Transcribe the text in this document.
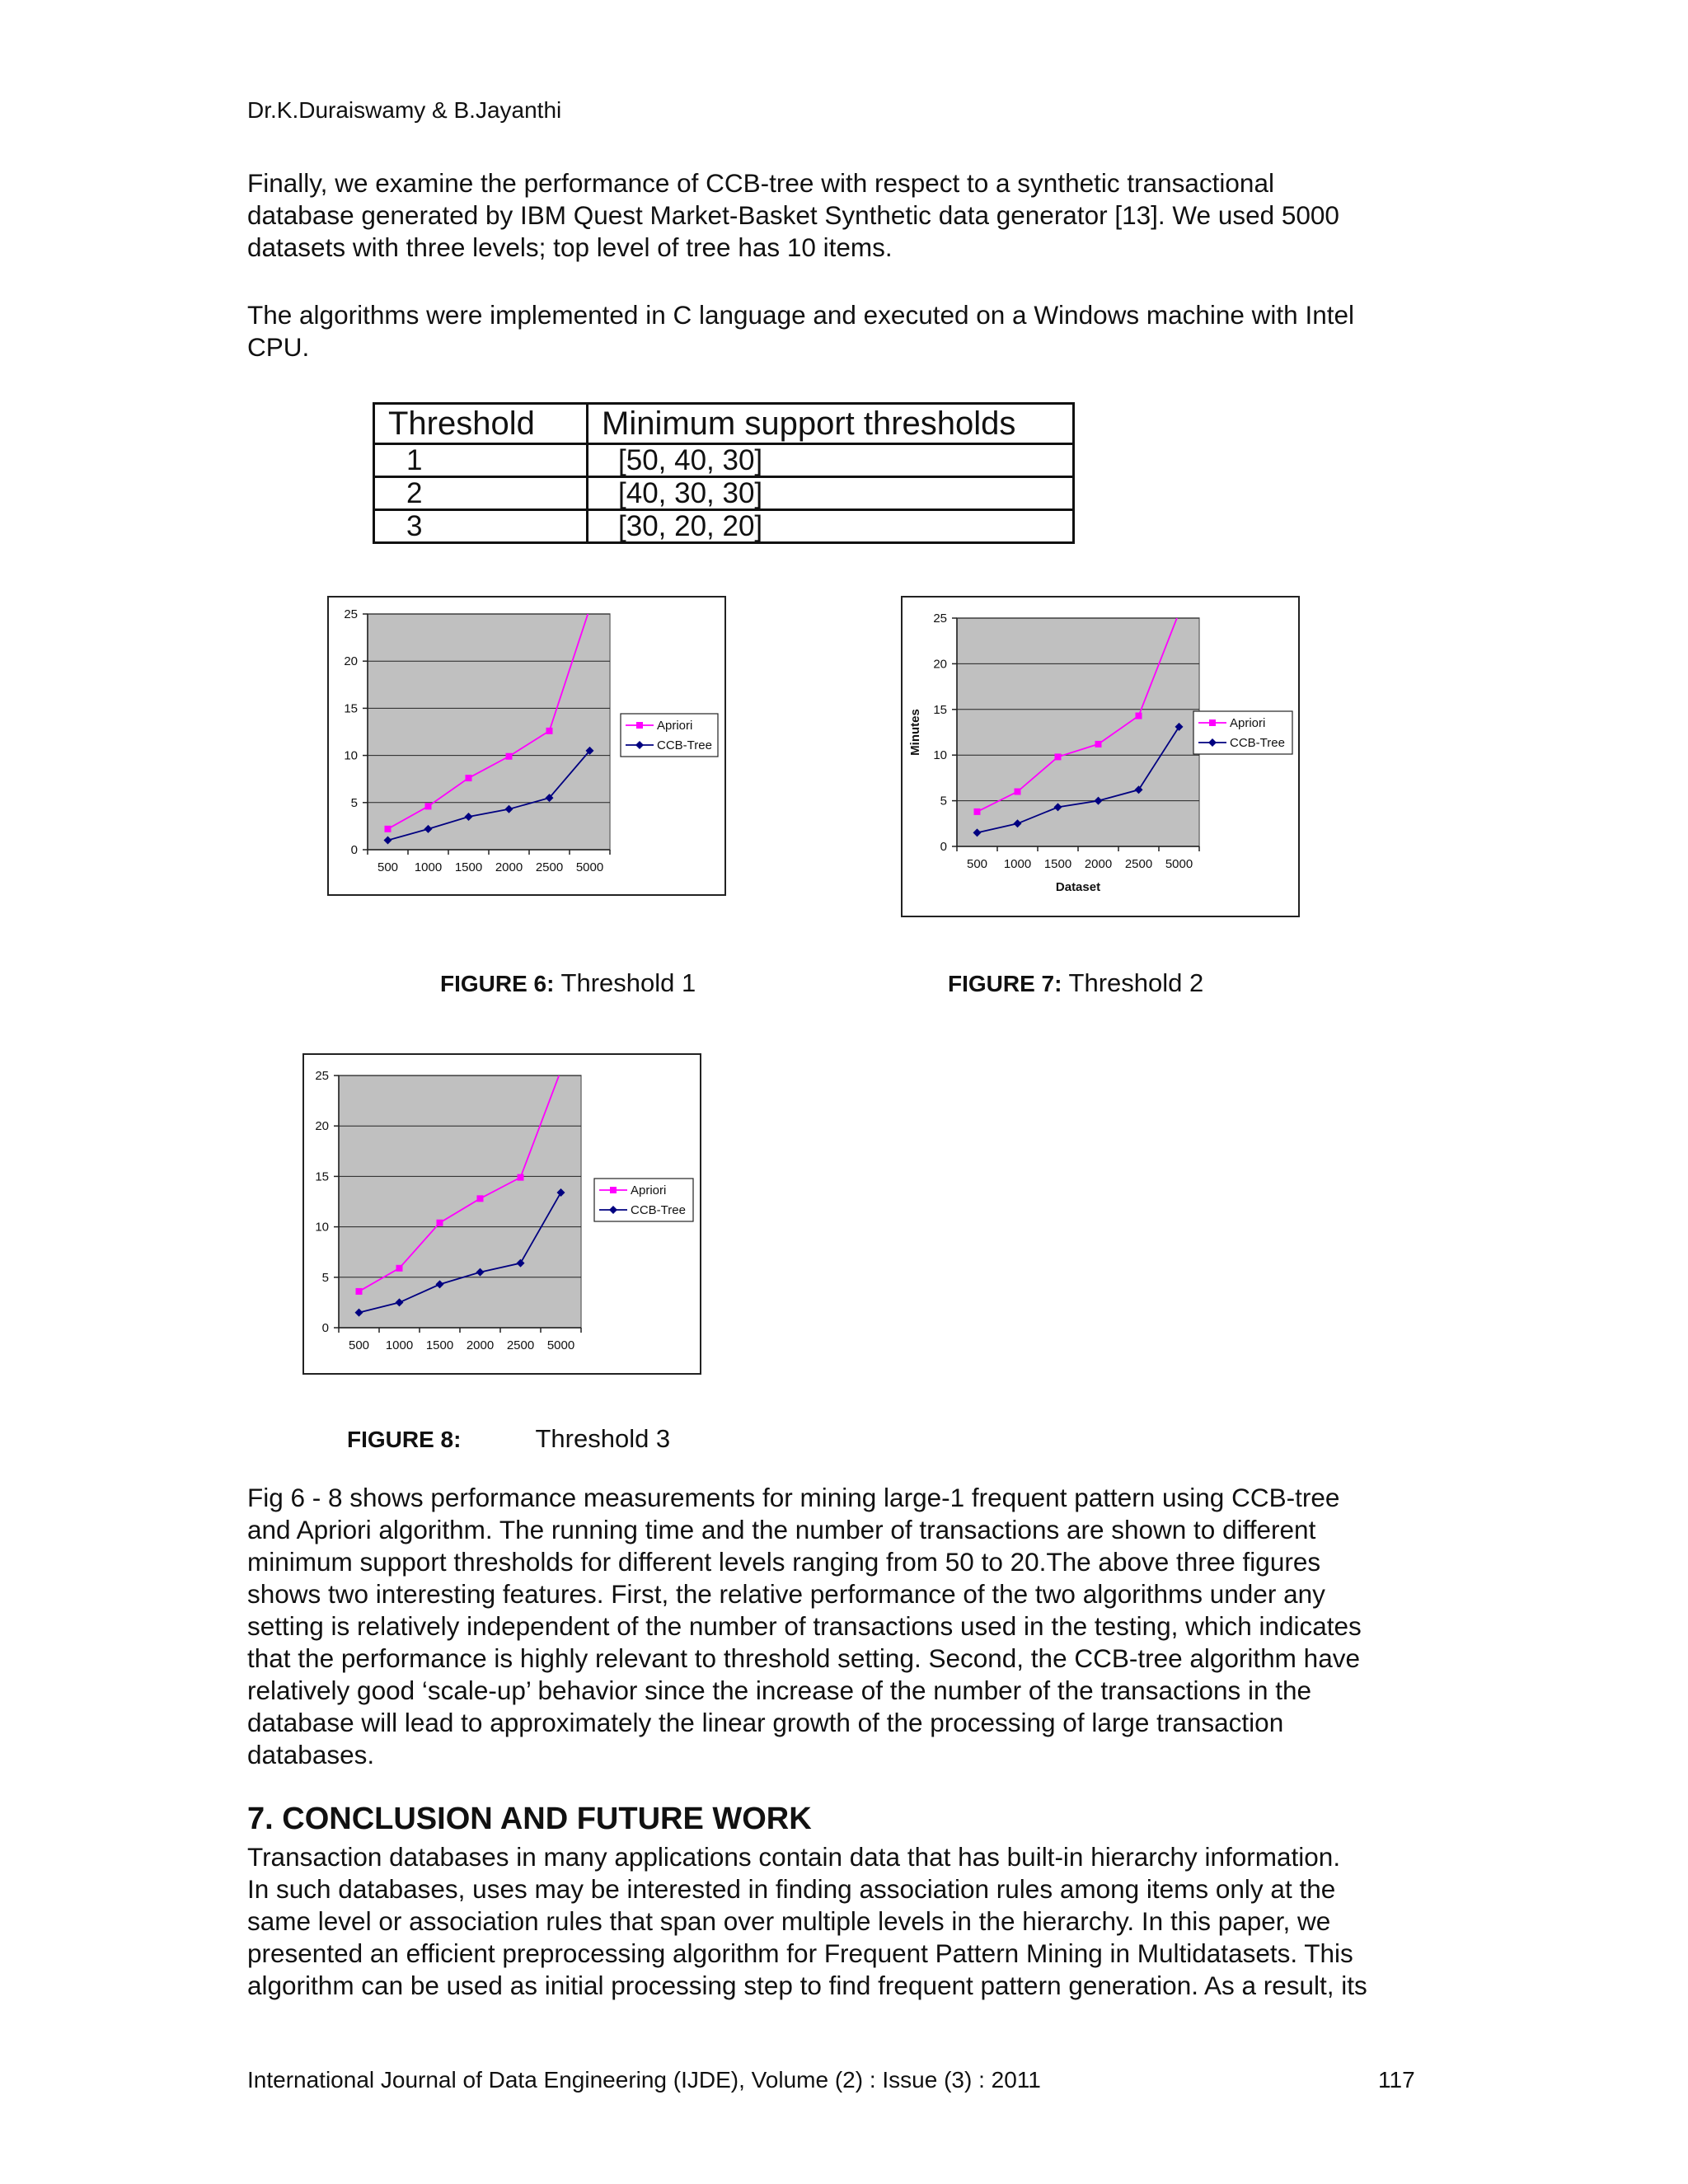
Dr.K.Duraiswamy & B.Jayanthi
Finally, we examine the performance of CCB-tree with respect to a synthetic transactional
database generated by IBM Quest Market-Basket Synthetic data generator [13]. We used 5000
datasets with three levels; top level of tree has 10 items.
The algorithms were implemented in C language and executed on a Windows machine with Intel
CPU.
Threshold	Minimum support thresholds
1	[50, 40, 30]
2	[40, 30, 30]
3	[30, 20, 20]
0
5
10
15
20
25
500 1000 1500 2000 2500 5000
Apriori
CCB-Tree
0
5
10
15
20
25
500 1000 1500 2000 2500 5000
Dataset
Minutes	Apriori
CCB-Tree
0
5
10
15
20
25
500 1000 1500 2000 2500 5000
Apriori
CCB-Tree
FIGURE 6: Threshold 1	FIGURE 7: Threshold 2
FIGURE 8:	Threshold 3
Fig 6 - 8 shows performance measurements for mining large-1 frequent pattern using CCB-tree
and Apriori algorithm. The running time and the number of transactions are shown to different
minimum support thresholds for different levels ranging from 50 to 20.The above three figures
shows two interesting features. First, the relative performance of the two algorithms under any
setting is relatively independent of the number of transactions used in the testing, which indicates
that the performance is highly relevant to threshold setting. Second, the CCB-tree algorithm have
relatively good ‘scale-up’ behavior since the increase of the number of the transactions in the
database will lead to approximately the linear growth of the processing of large transaction
databases.
7. CONCLUSION AND FUTURE WORK
Transaction databases in many applications contain data that has built-in hierarchy information.
In such databases, uses may be interested in finding association rules among items only at the
same level or association rules that span over multiple levels in the hierarchy. In this paper, we
presented an efficient preprocessing algorithm for Frequent Pattern Mining in Multidatasets. This
algorithm can be used as initial processing step to find frequent pattern generation. As a result, its
International Journal of Data Engineering (IJDE), Volume (2) : Issue (3) : 2011	117
